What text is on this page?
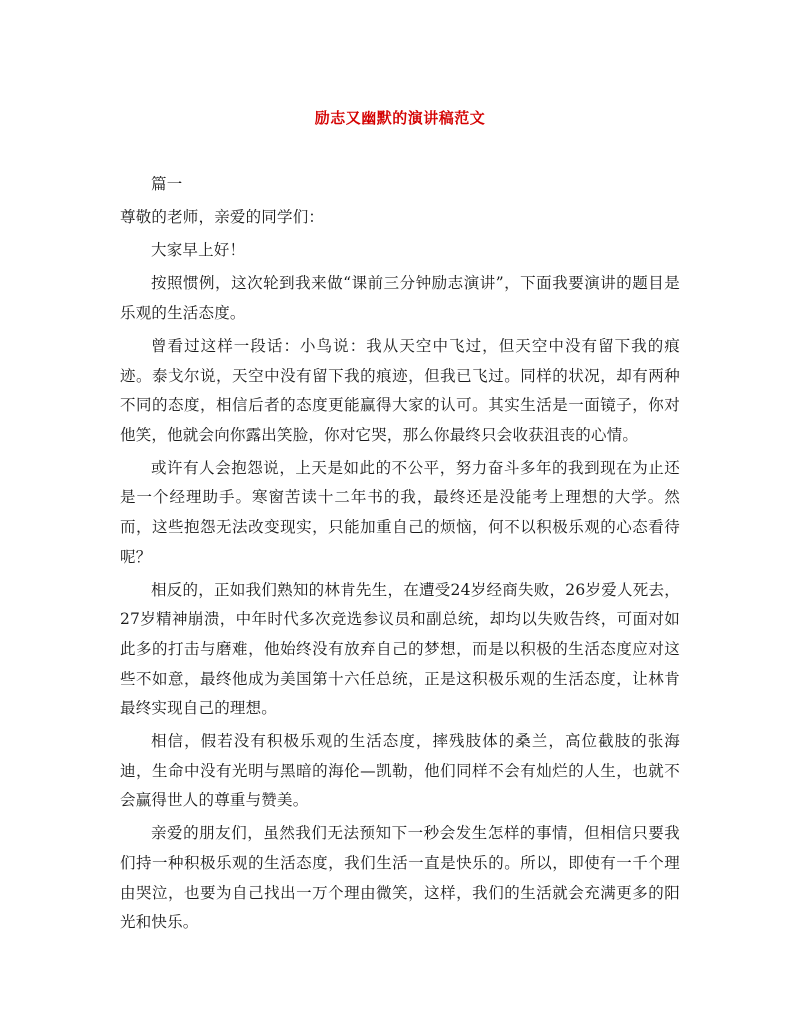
励志又幽默的演讲稿范文

篇一

尊敬的老师，亲爱的同学们：

大家早上好！

按照惯例，这次轮到我来做“课前三分钟励志演讲”，下面我要演讲的题目是乐观的生活态度。

曾看过这样一段话：小鸟说：我从天空中飞过，但天空中没有留下我的痕迹。泰戈尔说，天空中没有留下我的痕迹，但我已飞过。同样的状况，却有两种不同的态度，相信后者的态度更能赢得大家的认可。其实生活是一面镜子，你对他笑，他就会向你露出笑脸，你对它哭，那么你最终只会收获沮丧的心情。

或许有人会抱怨说，上天是如此的不公平，努力奋斗多年的我到现在为止还是一个经理助手。寒窗苦读十二年书的我，最终还是没能考上理想的大学。然而，这些抱怨无法改变现实，只能加重自己的烦恼，何不以积极乐观的心态看待呢？

相反的，正如我们熟知的林肯先生，在遭受24岁经商失败，26岁爱人死去，27岁精神崩溃，中年时代多次竞选参议员和副总统，却均以失败告终，可面对如此多的打击与磨难，他始终没有放弃自己的梦想，而是以积极的生活态度应对这些不如意，最终他成为美国第十六任总统，正是这积极乐观的生活态度，让林肯最终实现自己的理想。

相信，假若没有积极乐观的生活态度，摔残肢体的桑兰，高位截肢的张海迪，生命中没有光明与黑暗的海伦—凯勒，他们同样不会有灿烂的人生，也就不会赢得世人的尊重与赞美。

亲爱的朋友们，虽然我们无法预知下一秒会发生怎样的事情，但相信只要我们持一种积极乐观的生活态度，我们生活一直是快乐的。所以，即使有一千个理由哭泣，也要为自己找出一万个理由微笑，这样，我们的生活就会充满更多的阳光和快乐。
